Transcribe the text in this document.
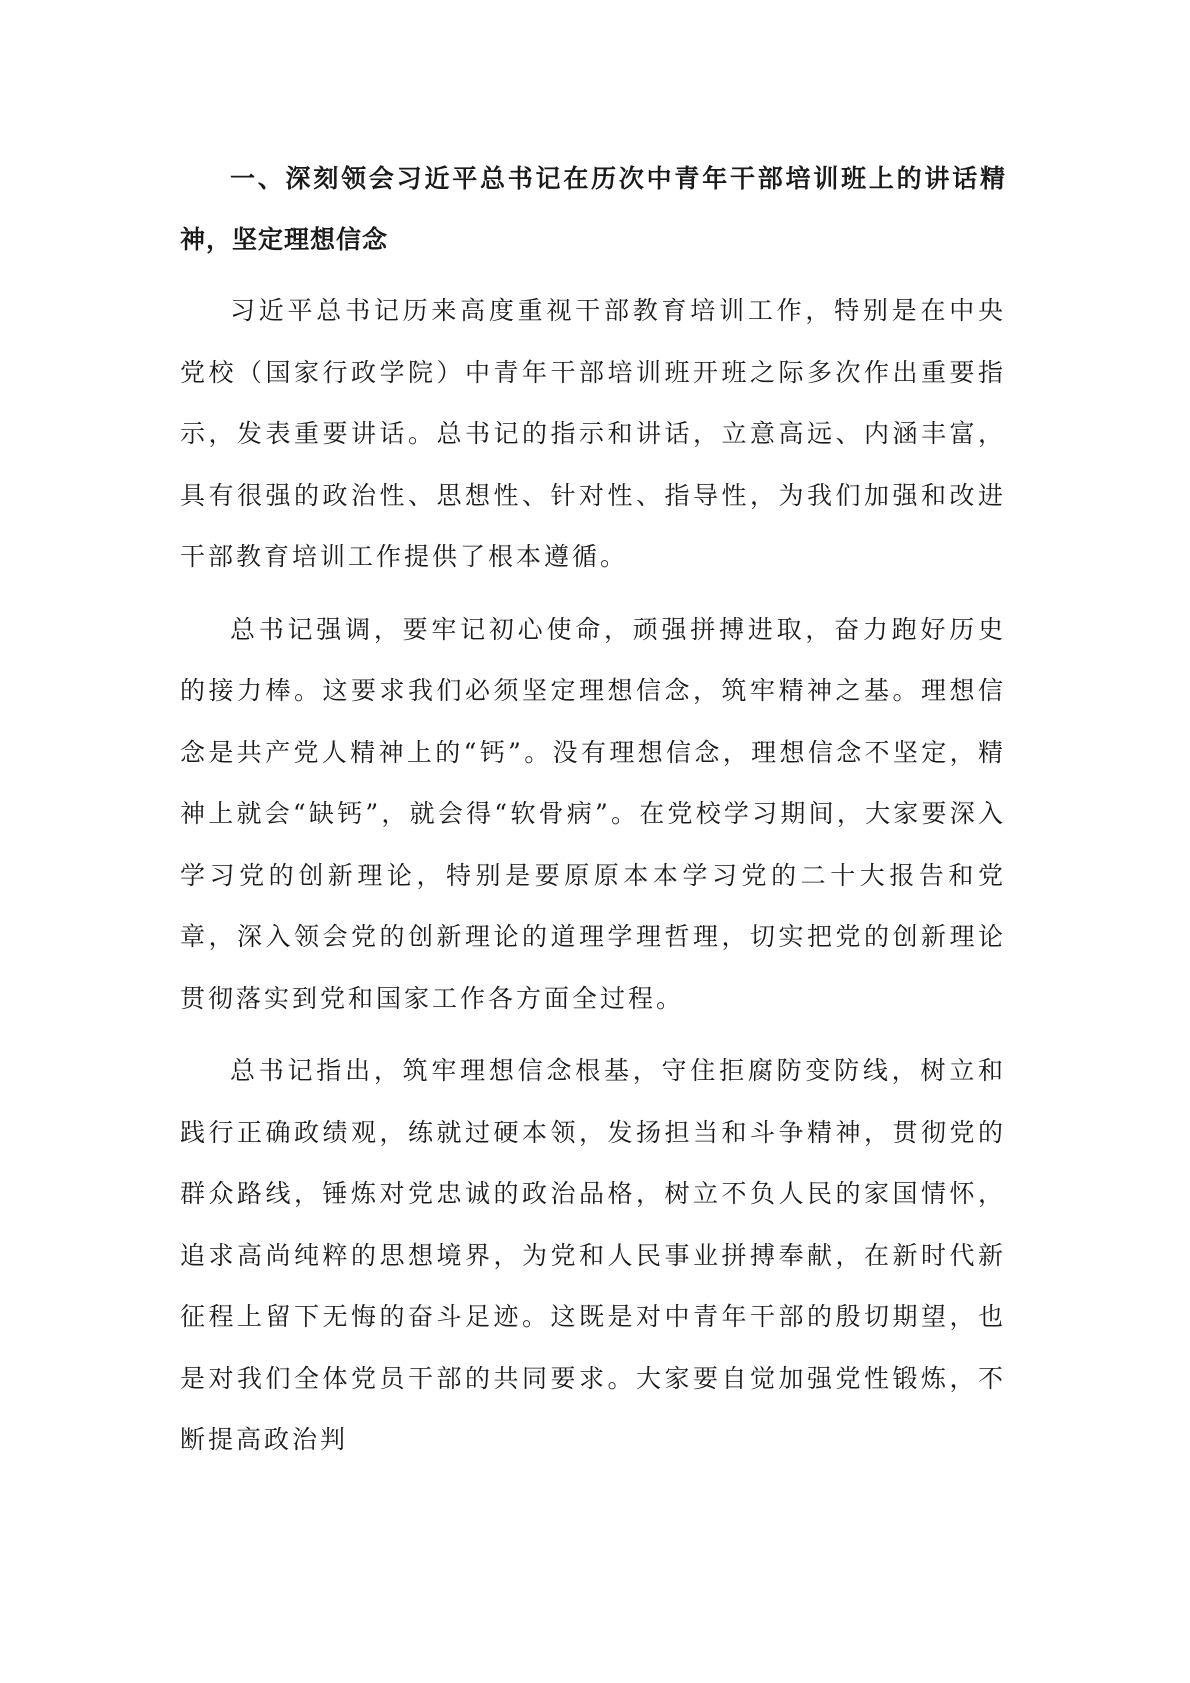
一、深刻领会习近平总书记在历次中青年干部培训班上的讲话精神，坚定理想信念

习近平总书记历来高度重视干部教育培训工作，特别是在中央党校（国家行政学院）中青年干部培训班开班之际多次作出重要指示，发表重要讲话。总书记的指示和讲话，立意高远、内涵丰富，具有很强的政治性、思想性、针对性、指导性，为我们加强和改进干部教育培训工作提供了根本遵循。

总书记强调，要牢记初心使命，顽强拼搏进取，奋力跑好历史的接力棒。这要求我们必须坚定理想信念，筑牢精神之基。理想信念是共产党人精神上的“钙”。没有理想信念，理想信念不坚定，精神上就会“缺钙”，就会得“软骨病”。在党校学习期间，大家要深入学习党的创新理论，特别是要原原本本学习党的二十大报告和党章，深入领会党的创新理论的道理学理哲理，切实把党的创新理论贯彻落实到党和国家工作各方面全过程。

总书记指出，筑牢理想信念根基，守住拒腐防变防线，树立和践行正确政绩观，练就过硬本领，发扬担当和斗争精神，贯彻党的群众路线，锤炼对党忠诚的政治品格，树立不负人民的家国情怀，追求高尚纯粹的思想境界，为党和人民事业拼搏奉献，在新时代新征程上留下无悔的奋斗足迹。这既是对中青年干部的殷切期望，也是对我们全体党员干部的共同要求。大家要自觉加强党性锻炼，不断提高政治判
